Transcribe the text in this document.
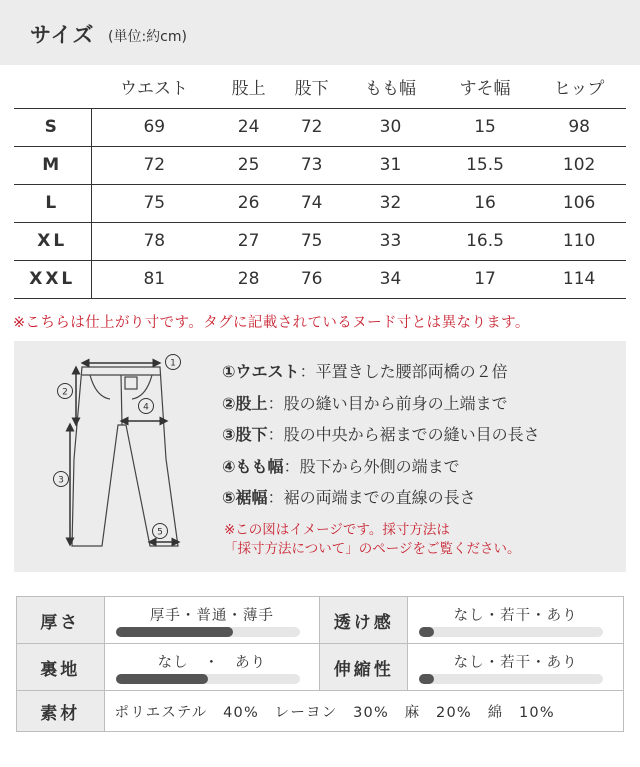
サイズ (単位:約cm)
	ウエスト	股上	股下	もも幅	すそ幅	ヒップ
S	69	24	72	30	15	98
M	72	25	73	31	15.5	102
L	75	26	74	32	16	106
XL	78	27	75	33	16.5	110
XXL	81	28	76	34	17	114
※こちらは仕上がり寸です。タグに記載されているヌード寸とは異なります。
1
2
3
4
5
①ウエスト：平置きした腰部両橋の２倍
②股上：股の縫い目から前身の上端まで
③股下：股の中央から裾までの縫い目の長さ
④もも幅：股下から外側の端まで
⑤裾幅：裾の両端までの直線の長さ
※この図はイメージです。採寸方法は
「採寸方法について」のページをご覧ください。
厚さ	厚手・普通・薄手	透け感	なし・若干・あり

裏地	なし　・　あり	伸縮性	なし・若干・あり

素材	ポリエステル　40%　レーヨン　30%　麻　20%　綿　10%		
